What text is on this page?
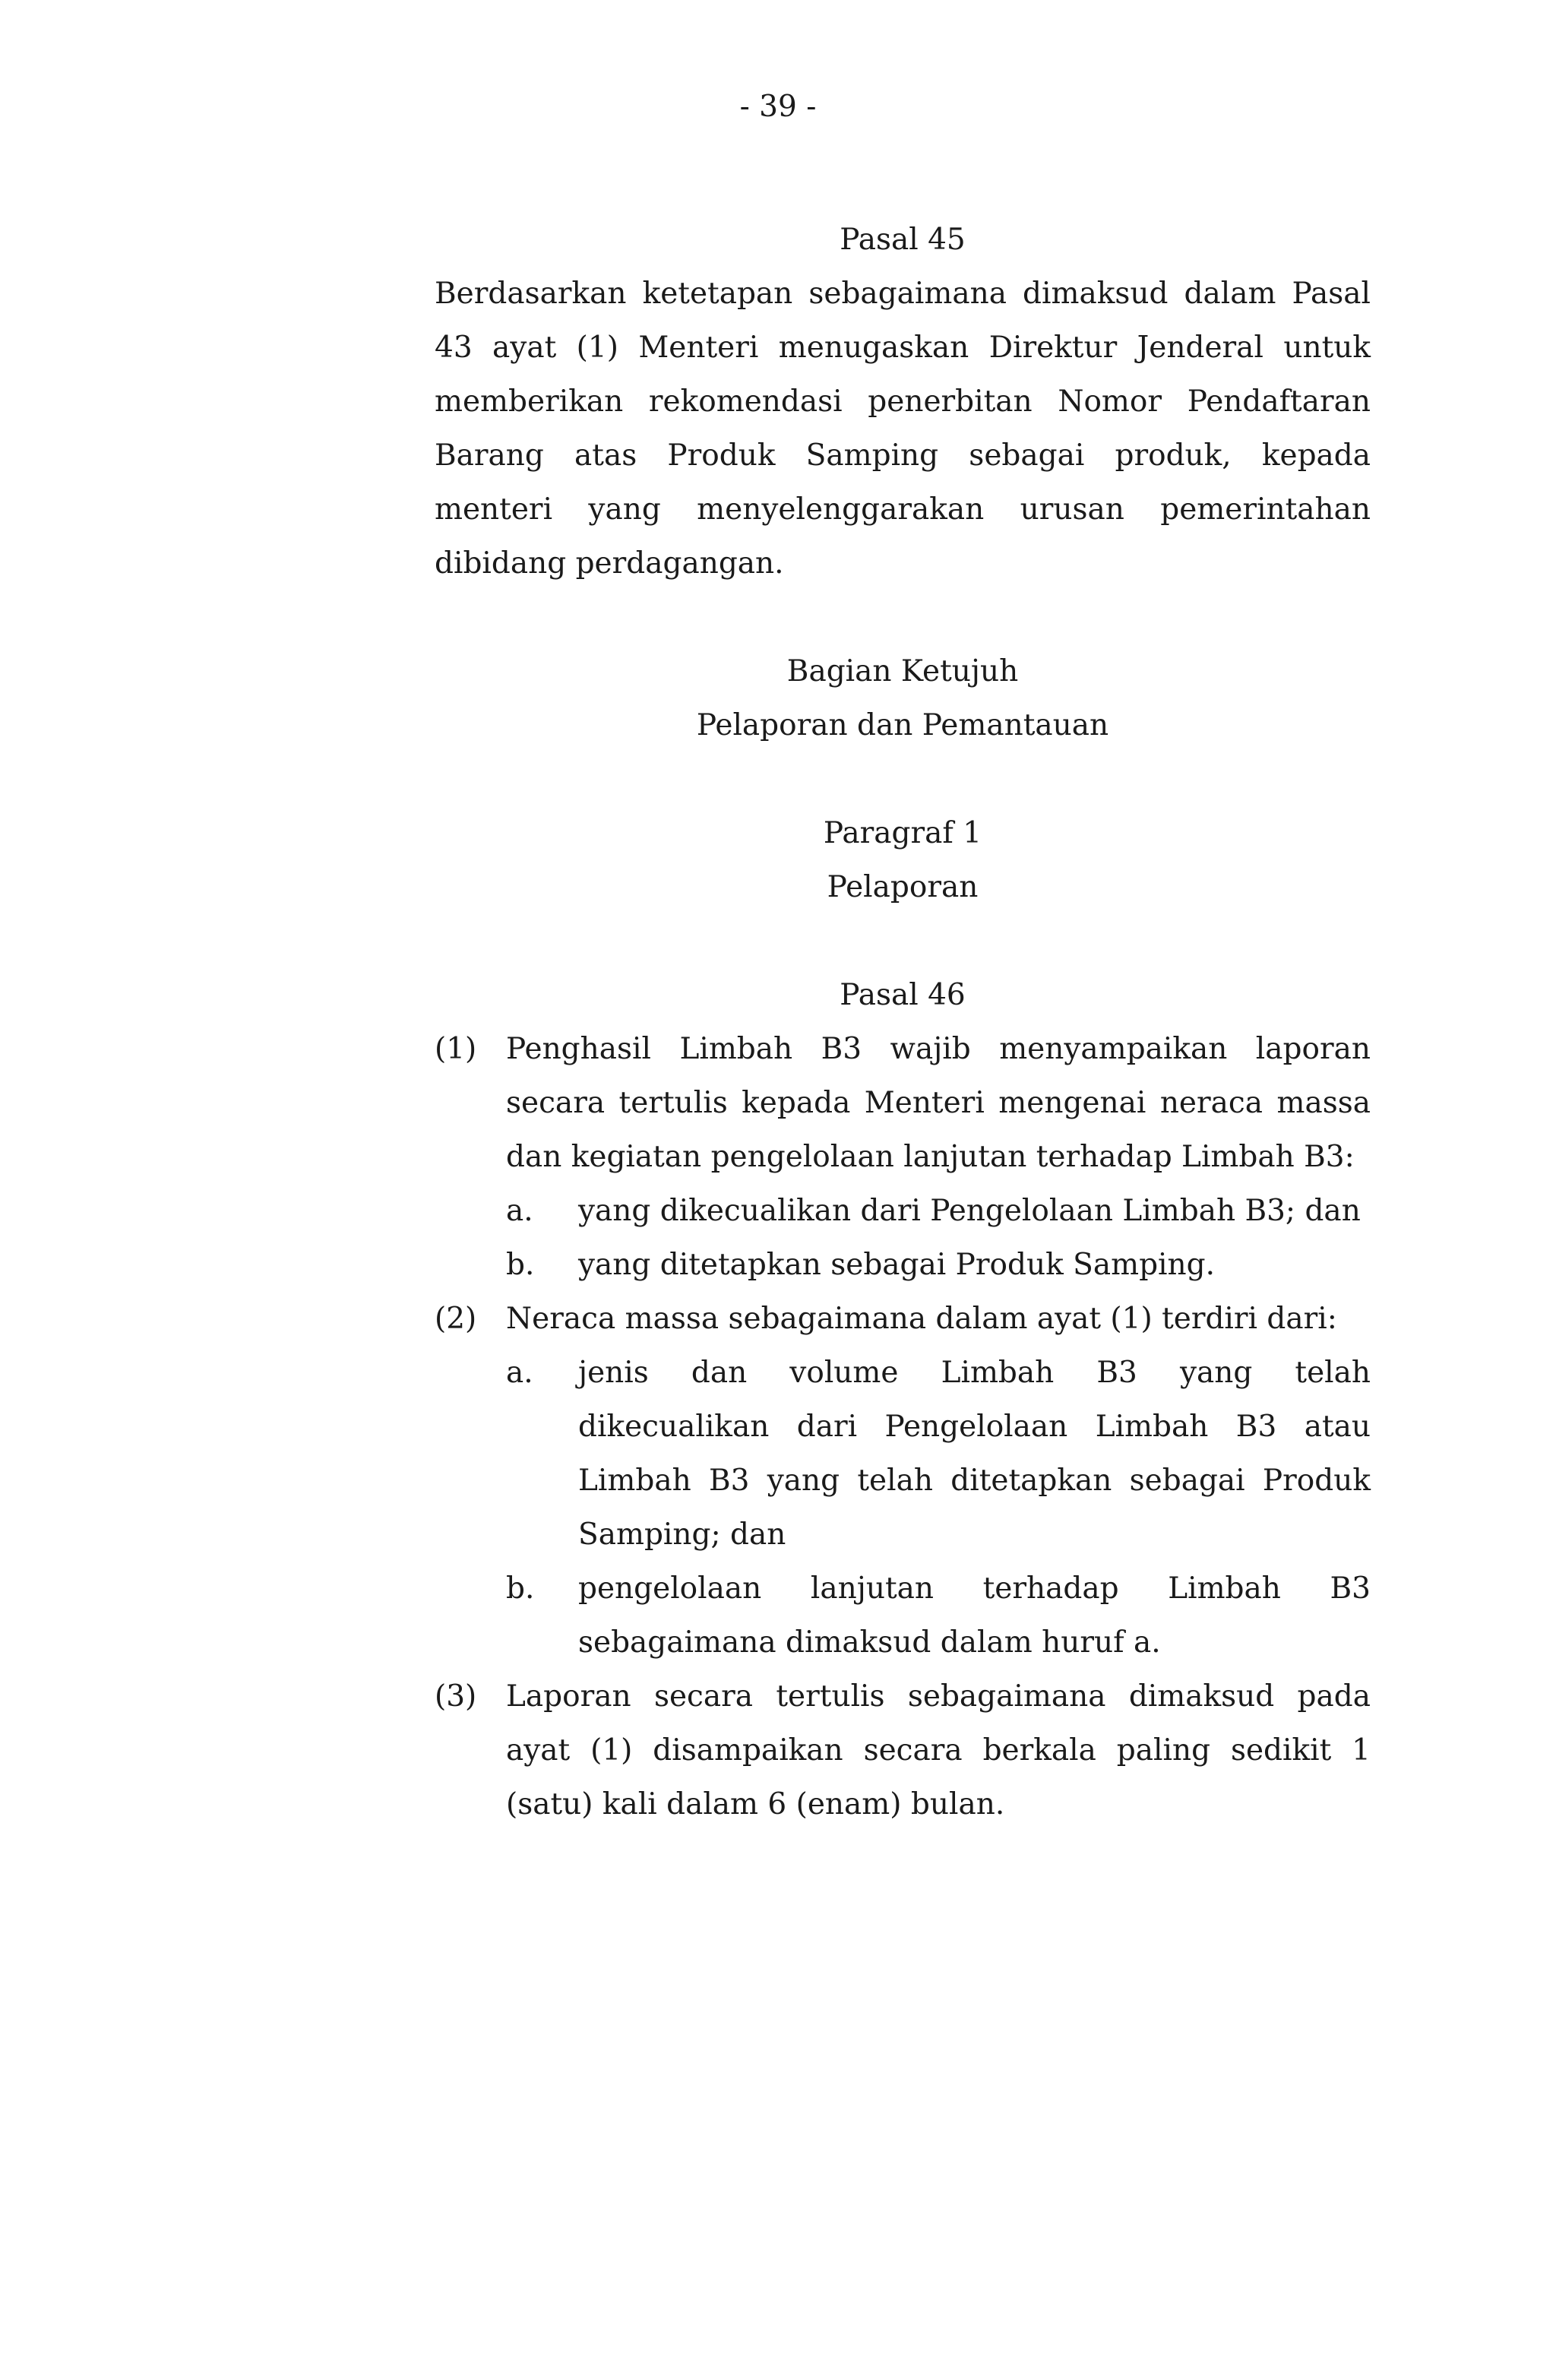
- 39 -
Pasal 45
Berdasarkan ketetapan sebagaimana dimaksud dalam Pasal 43 ayat (1) Menteri menugaskan Direktur Jenderal untuk memberikan rekomendasi penerbitan Nomor Pendaftaran Barang atas Produk Samping sebagai produk, kepada menteri yang menyelenggarakan urusan pemerintahan dibidang perdagangan.
Bagian Ketujuh
Pelaporan dan Pemantauan
Paragraf 1
Pelaporan
Pasal 46
(1) Penghasil Limbah B3 wajib menyampaikan laporan secara tertulis kepada Menteri mengenai neraca massa dan kegiatan pengelolaan lanjutan terhadap Limbah B3:
a.	yang dikecualikan dari Pengelolaan Limbah B3; dan
b.	yang ditetapkan sebagai Produk Samping.
(2) Neraca massa sebagaimana dalam ayat (1) terdiri dari:
a.	jenis dan volume Limbah B3 yang telah dikecualikan dari Pengelolaan Limbah B3 atau Limbah B3 yang telah ditetapkan sebagai Produk Samping; dan
b.	pengelolaan lanjutan terhadap Limbah B3 sebagaimana dimaksud dalam huruf a.
(3) Laporan secara tertulis sebagaimana dimaksud pada ayat (1) disampaikan secara berkala paling sedikit 1 (satu) kali dalam 6 (enam) bulan.
